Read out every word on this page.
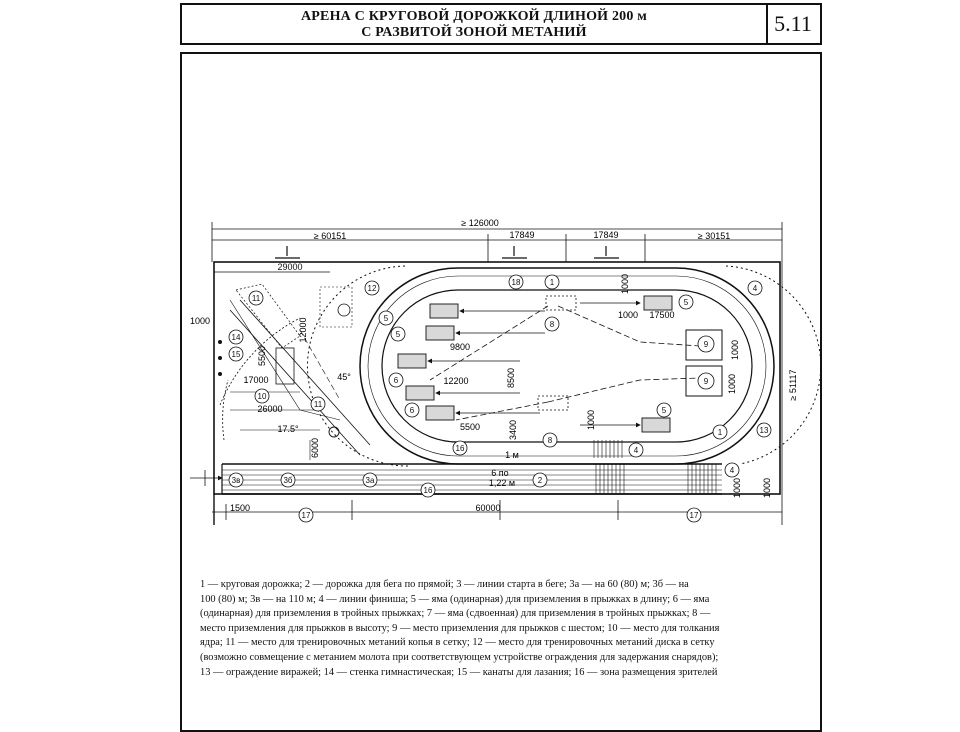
АРЕНА С КРУГОВОЙ ДОРОЖКОЙ ДЛИНОЙ 200 м
С РАЗВИТОЙ ЗОНОЙ МЕТАНИЙ	5.11
≥ 126000
≥ 60151	17849	17849	≥ 30151
≥ 51117
60000
1500
29000
1000	12000
5500
17000
26000
45°
17.5°
6000
9800
12200	8500
5500	3400
1000
17500
1000
1000
1000
1000
1000
1 м
6 по
1,22 м
1
1
2
3в	3б	3а
4
4
4
5
5
5
5
6
6
8
8
9
9
10
11
11
12
13
14
15
16
16
17	17
18
1000
1 — круговая дорожка; 2 — дорожка для бега по прямой; 3 — линии старта в беге; 3а — на 60 (80) м; 3б — на
100 (80) м; 3в — на 110 м; 4 — линии финиша; 5 — яма (одинарная) для приземления в прыжках в длину; 6 — яма
(одинарная) для приземления в тройных прыжках; 7 — яма (сдвоенная) для приземления в тройных прыжках; 8 —
место приземления для прыжков в высоту; 9 — место приземления для прыжков с шестом; 10 — место для толкания
ядра; 11 — место для тренировочных метаний копья в сетку; 12 — место для тренировочных метаний диска в сетку
(возможно совмещение с метанием молота при соответствующем устройстве ограждения для задержания снарядов);
13 — ограждение виражей; 14 — стенка гимнастическая; 15 — канаты для лазания; 16 — зона размещения зрителей
